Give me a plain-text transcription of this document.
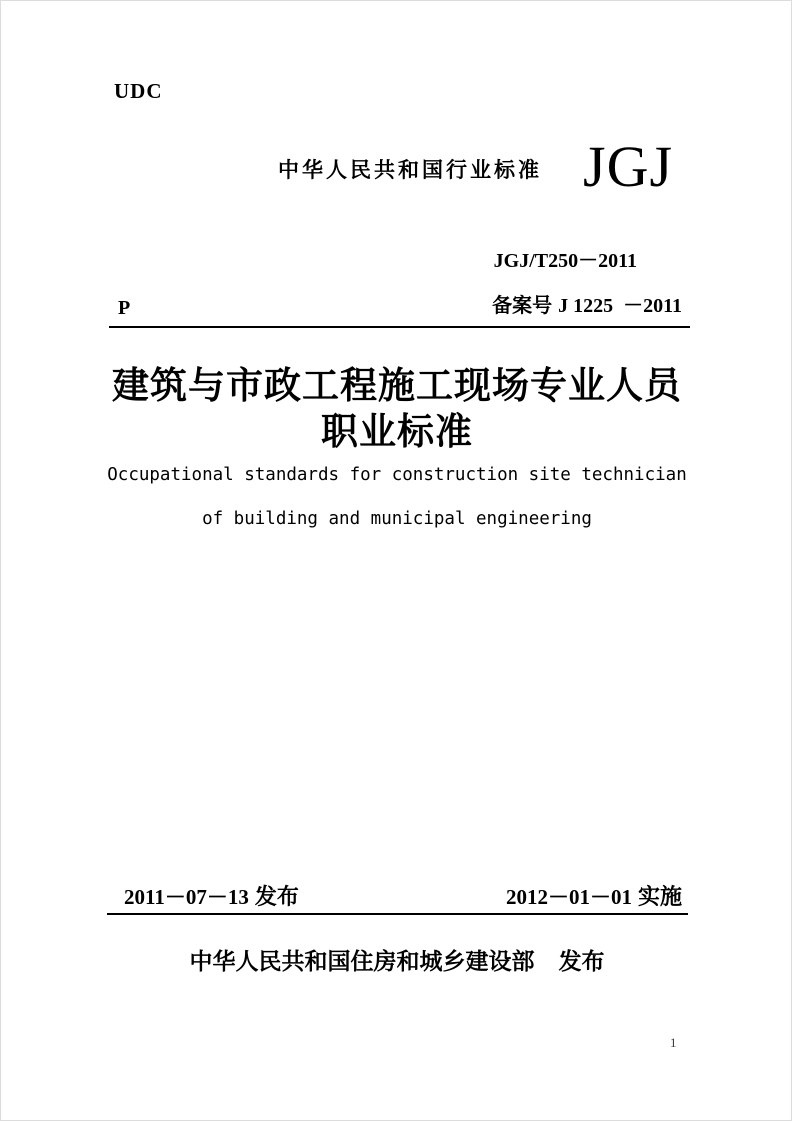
UDC
中华人民共和国行业标准 JGJ
JGJ/T250－2011
P	备案号 J 1225  －2011
建筑与市政工程施工现场专业人员
职业标准
Occupational standards for construction site technician
of building and municipal engineering
2011－07－13 发布	2012－01－01 实施
中华人民共和国住房和城乡建设部 发布
1
